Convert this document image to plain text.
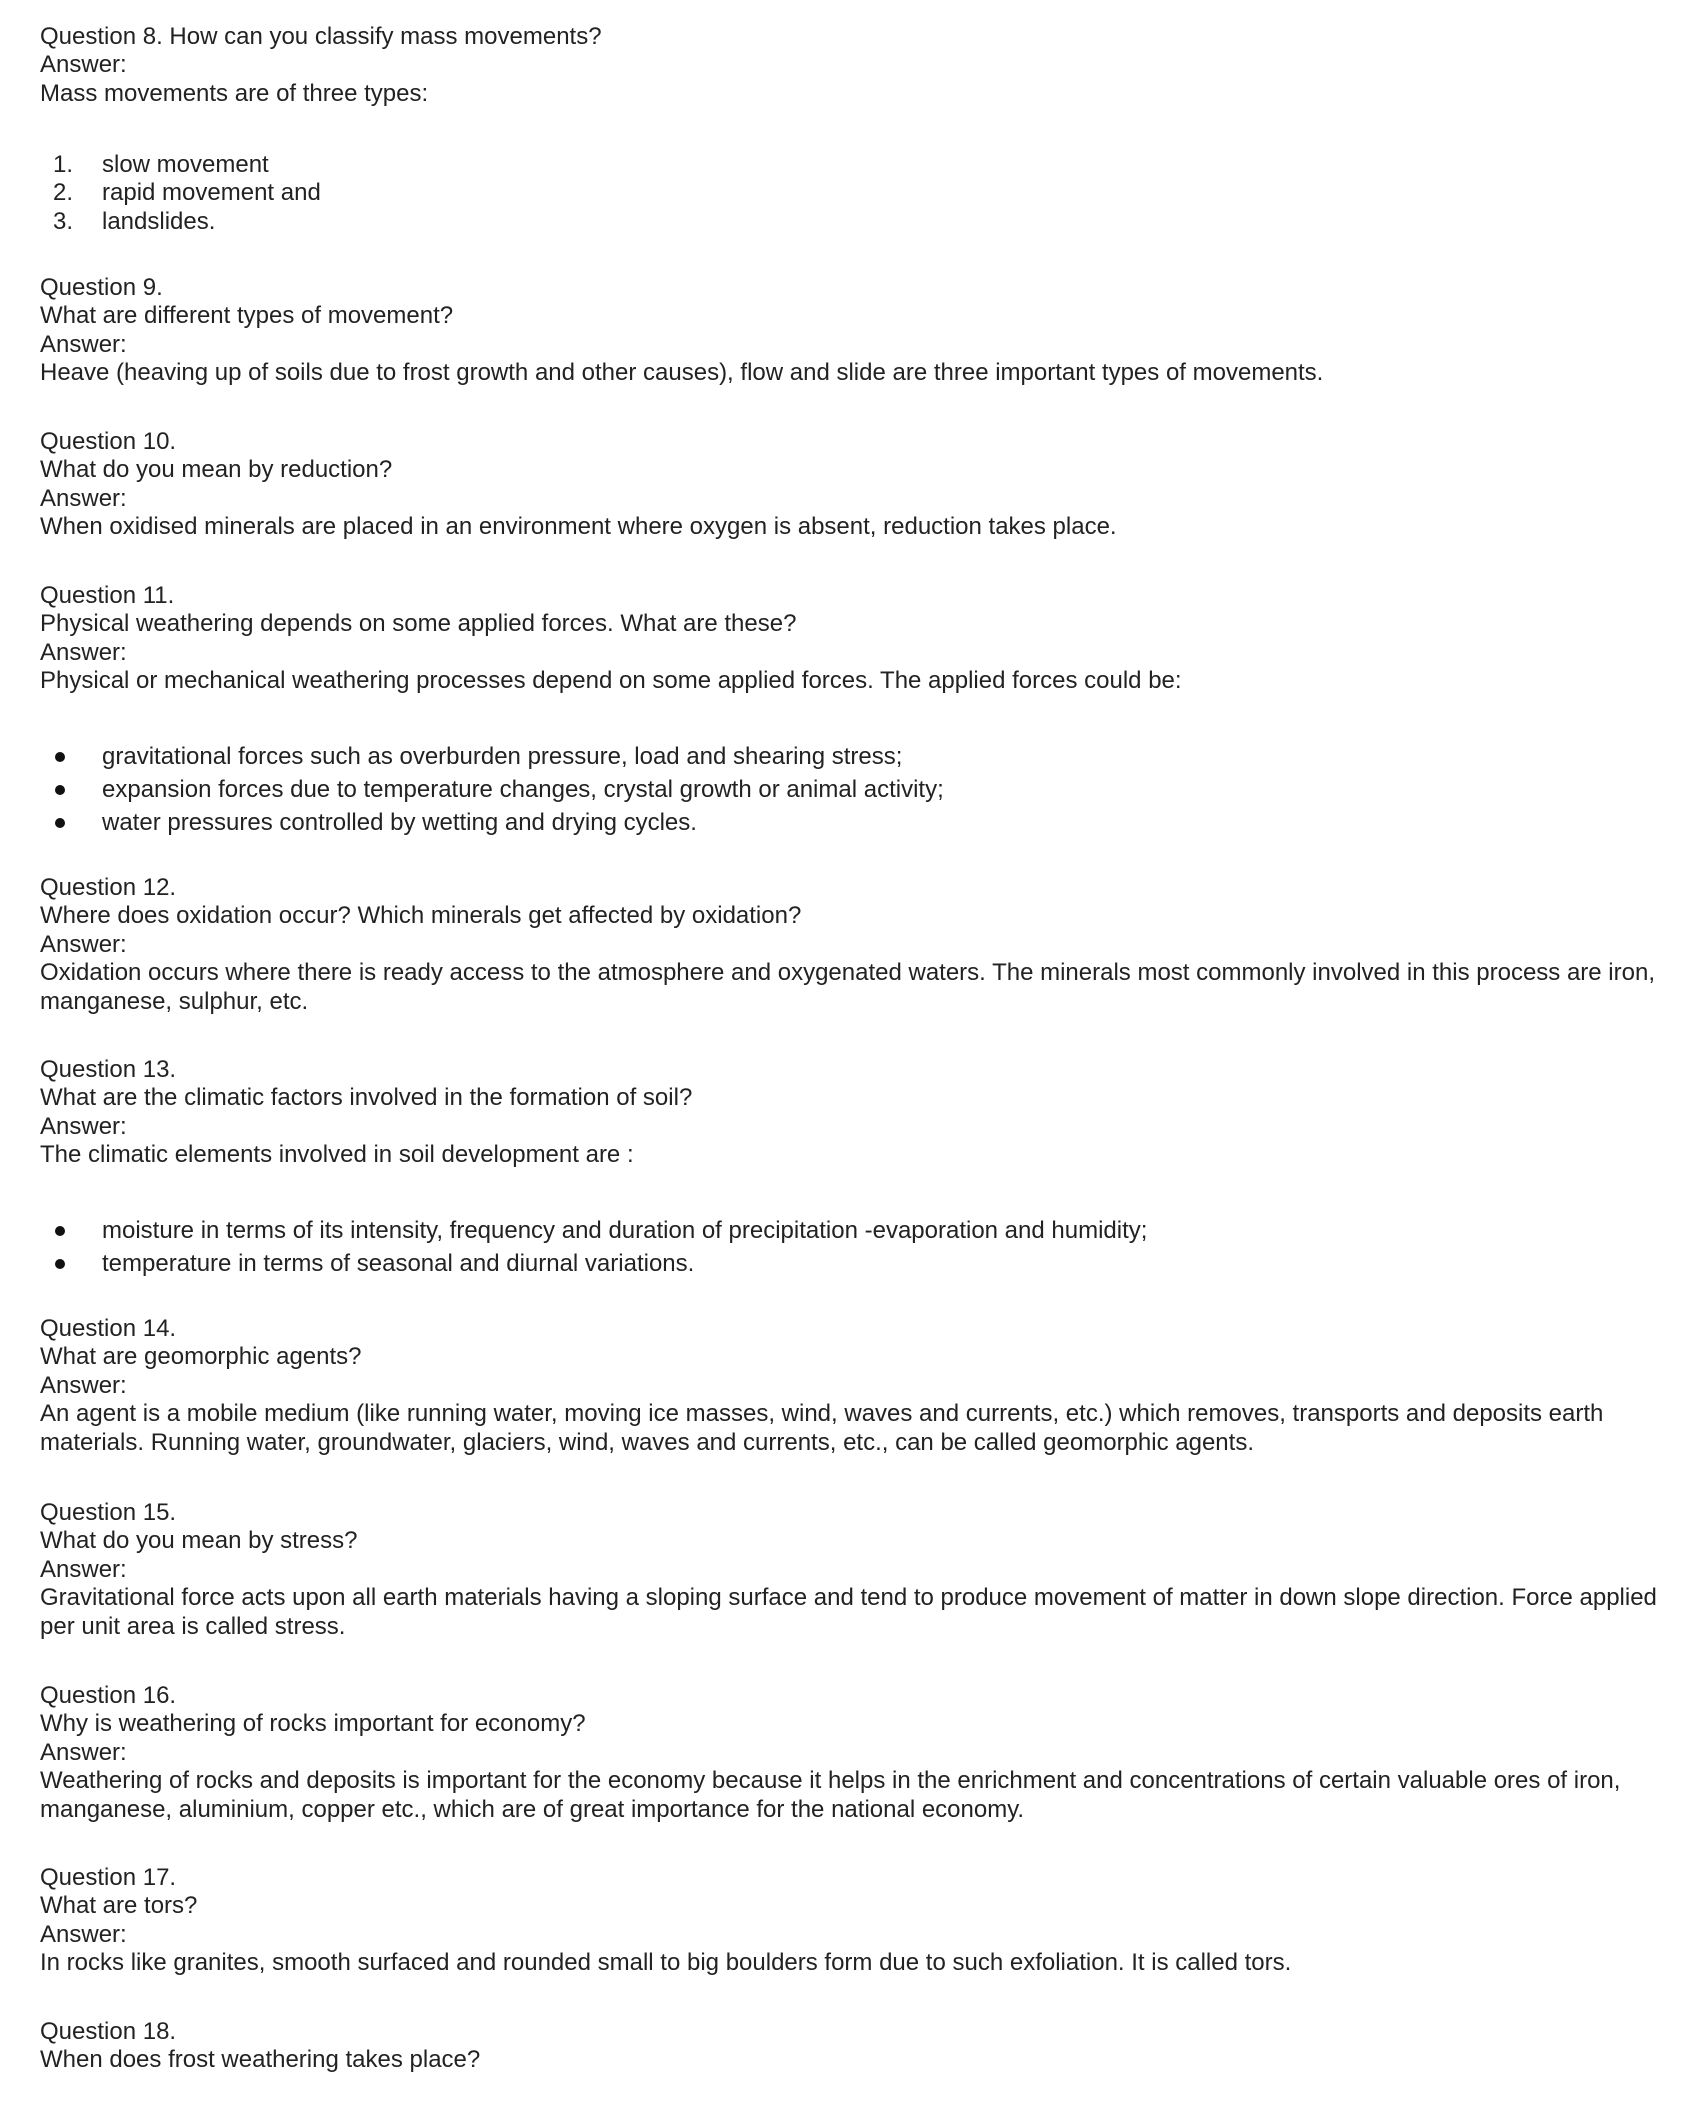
Question 8. How can you classify mass movements?
Answer:
Mass movements are of three types:
1. slow movement
2. rapid movement and
3. landslides.
Question 9.
What are different types of movement?
Answer:
Heave (heaving up of soils due to frost growth and other causes), flow and slide are three important types of movements.
Question 10.
What do you mean by reduction?
Answer:
When oxidised minerals are placed in an environment where oxygen is absent, reduction takes place.
Question 11.
Physical weathering depends on some applied forces. What are these?
Answer:
Physical or mechanical weathering processes depend on some applied forces. The applied forces could be:
gravitational forces such as overburden pressure, load and shearing stress;
expansion forces due to temperature changes, crystal growth or animal activity;
water pressures controlled by wetting and drying cycles.
Question 12.
Where does oxidation occur? Which minerals get affected by oxidation?
Answer:
Oxidation occurs where there is ready access to the atmosphere and oxygenated waters. The minerals most commonly involved in this process are iron, manganese, sulphur, etc.
Question 13.
What are the climatic factors involved in the formation of soil?
Answer:
The climatic elements involved in soil development are :
moisture in terms of its intensity, frequency and duration of precipitation -evaporation and humidity;
temperature in terms of seasonal and diurnal variations.
Question 14.
What are geomorphic agents?
Answer:
An agent is a mobile medium (like running water, moving ice masses, wind, waves and currents, etc.) which removes, transports and deposits earth materials. Running water, groundwater, glaciers, wind, waves and currents, etc., can be called geomorphic agents.
Question 15.
What do you mean by stress?
Answer:
Gravitational force acts upon all earth materials having a sloping surface and tend to produce movement of matter in down slope direction. Force applied per unit area is called stress.
Question 16.
Why is weathering of rocks important for economy?
Answer:
Weathering of rocks and deposits is important for the economy because it helps in the enrichment and concentrations of certain valuable ores of iron, manganese, aluminium, copper etc., which are of great importance for the national economy.
Question 17.
What are tors?
Answer:
In rocks like granites, smooth surfaced and rounded small to big boulders form due to such exfoliation. It is called tors.
Question 18.
When does frost weathering takes place?
